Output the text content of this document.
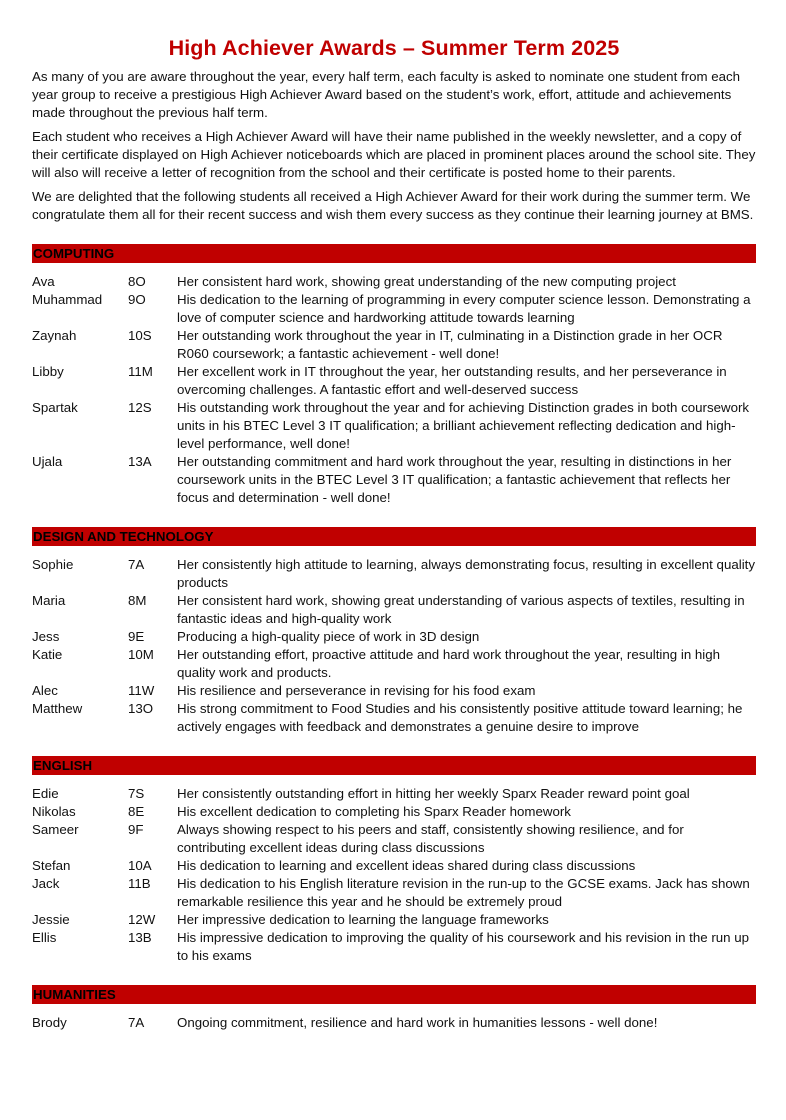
High Achiever Awards – Summer Term 2025

As many of you are aware throughout the year, every half term, each faculty is asked to nominate one student from each year group to receive a prestigious High Achiever Award based on the student’s work, effort, attitude and achievements made throughout the previous half term.

Each student who receives a High Achiever Award will have their name published in the weekly newsletter, and a copy of their certificate displayed on High Achiever noticeboards which are placed in prominent places around the school site. They will also will receive a letter of recognition from the school and their certificate is posted home to their parents.

We are delighted that the following students all received a High Achiever Award for their work during the summer term. We congratulate them all for their recent success and wish them every success as they continue their learning journey at BMS.

COMPUTING
Ava	8O	Her consistent hard work, showing great understanding of the new computing project
Muhammad	9O	His dedication to the learning of programming in every computer science lesson. Demonstrating a love of computer science and hardworking attitude towards learning
Zaynah	10S	Her outstanding work throughout the year in IT, culminating in a Distinction grade in her OCR R060 coursework; a fantastic achievement - well done!
Libby	11M	Her excellent work in IT throughout the year, her outstanding results, and her perseverance in overcoming challenges. A fantastic effort and well-deserved success
Spartak	12S	His outstanding work throughout the year and for achieving Distinction grades in both coursework units in his BTEC Level 3 IT qualification; a brilliant achievement reflecting dedication and high-level performance, well done!
Ujala	13A	Her outstanding commitment and hard work throughout the year, resulting in distinctions in her coursework units in the BTEC Level 3 IT qualification; a fantastic achievement that reflects her focus and determination - well done!
DESIGN AND TECHNOLOGY
Sophie	7A	Her consistently high attitude to learning, always demonstrating focus, resulting in excellent quality products
Maria	8M	Her consistent hard work, showing great understanding of various aspects of textiles, resulting in fantastic ideas and high-quality work
Jess	9E	Producing a high-quality piece of work in 3D design
Katie	10M	Her outstanding effort, proactive attitude and hard work throughout the year, resulting in high quality work and products.
Alec	11W	His resilience and perseverance in revising for his food exam
Matthew	13O	His strong commitment to Food Studies and his consistently positive attitude toward learning; he actively engages with feedback and demonstrates a genuine desire to improve
ENGLISH
Edie	7S	Her consistently outstanding effort in hitting her weekly Sparx Reader reward point goal
Nikolas	8E	His excellent dedication to completing his Sparx Reader homework
Sameer	9F	Always showing respect to his peers and staff, consistently showing resilience, and for contributing excellent ideas during class discussions
Stefan	10A	His dedication to learning and excellent ideas shared during class discussions
Jack	11B	His dedication to his English literature revision in the run-up to the GCSE exams. Jack has shown remarkable resilience this year and he should be extremely proud
Jessie	12W	Her impressive dedication to learning the language frameworks
Ellis	13B	His impressive dedication to improving the quality of his coursework and his revision in the run up to his exams
HUMANITIES
Brody	7A	Ongoing commitment, resilience and hard work in humanities lessons - well done!
